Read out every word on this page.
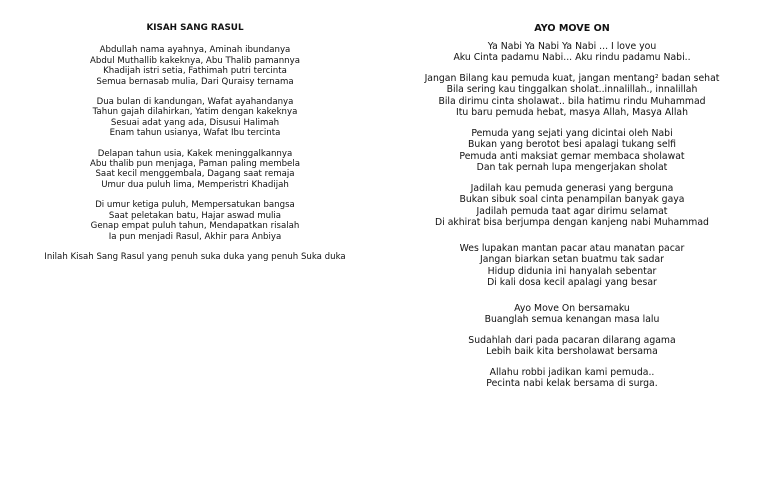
KISAH SANG RASUL

Abdullah nama ayahnya, Aminah ibundanya
Abdul Muthallib kakeknya, Abu Thalib pamannya
Khadijah istri setia, Fathimah putri tercinta
Semua bernasab mulia, Dari Quraisy ternama

Dua bulan di kandungan, Wafat ayahandanya
Tahun gajah dilahirkan, Yatim dengan kakeknya
Sesuai adat yang ada, Disusui Halimah
Enam tahun usianya, Wafat Ibu tercinta

Delapan tahun usia, Kakek meninggalkannya
Abu thalib pun menjaga, Paman paling membela
Saat kecil menggembala, Dagang saat remaja
Umur dua puluh lima, Memperistri Khadijah

Di umur ketiga puluh, Mempersatukan bangsa
Saat peletakan batu, Hajar aswad mulia
Genap empat puluh tahun, Mendapatkan risalah
Ia pun menjadi Rasul, Akhir para Anbiya

Inilah Kisah Sang Rasul yang penuh suka duka yang penuh Suka duka

AYO MOVE ON

Ya Nabi Ya Nabi Ya Nabi ... I love you
Aku Cinta padamu Nabi... Aku rindu padamu Nabi..

Jangan Bilang kau pemuda kuat, jangan mentang² badan sehat
Bila sering kau tinggalkan sholat..innalillah., innalillah
Bila dirimu cinta sholawat.. bila hatimu rindu Muhammad
Itu baru pemuda hebat, masya Allah, Masya Allah

Pemuda yang sejati yang dicintai oleh Nabi
Bukan yang berotot besi apalagi tukang selfi
Pemuda anti maksiat gemar membaca sholawat
Dan tak pernah lupa mengerjakan sholat

Jadilah kau pemuda generasi yang berguna
Bukan sibuk soal cinta penampilan banyak gaya
Jadilah pemuda taat agar dirimu selamat
Di akhirat bisa berjumpa dengan kanjeng nabi Muhammad

Wes lupakan mantan pacar atau manatan pacar
Jangan biarkan setan buatmu tak sadar
Hidup didunia ini hanyalah sebentar
Di kali dosa kecil apalagi yang besar

Ayo Move On bersamaku
Buanglah semua kenangan masa lalu

Sudahlah dari pada pacaran dilarang agama
Lebih baik kita bersholawat bersama

Allahu robbi jadikan kami pemuda..
Pecinta nabi kelak bersama di surga.
